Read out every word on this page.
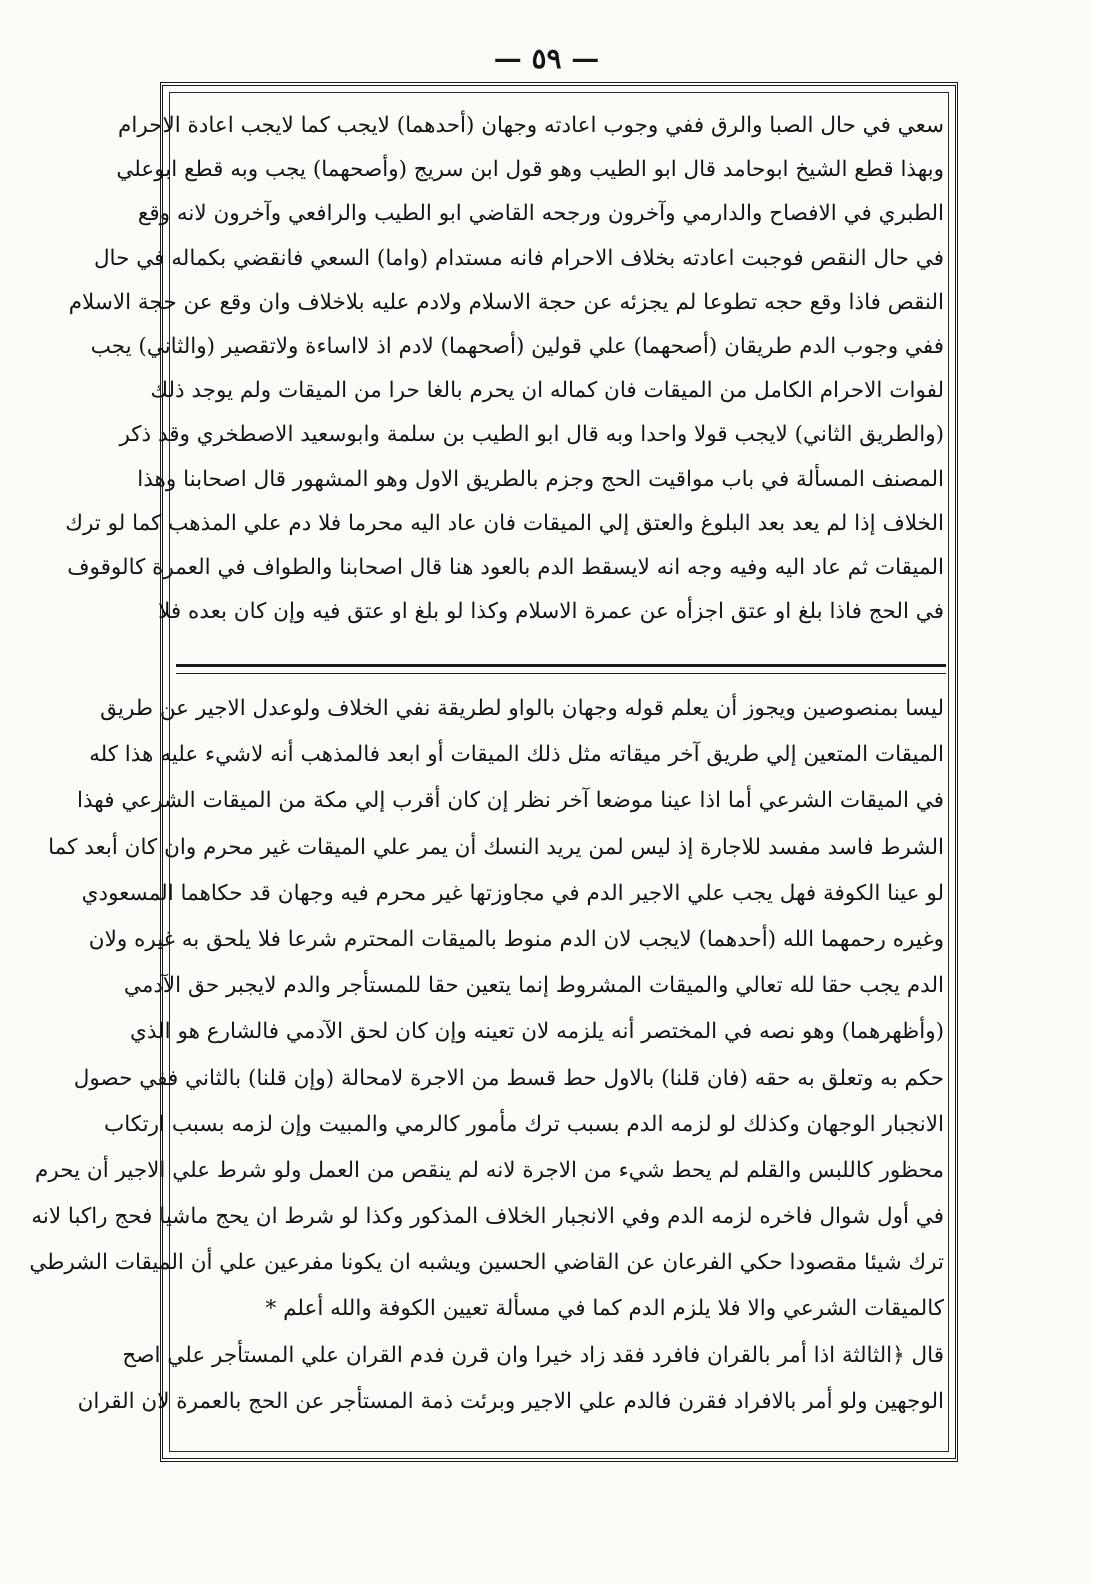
— ٥٩ —
سعي في حال الصبا والرق ففي وجوب اعادته وجهان (أحدهما) لايجب كما لايجب اعادة الاحرام
وبهذا قطع الشيخ ابوحامد قال ابو الطيب وهو قول ابن سريج (وأصحهما) يجب وبه قطع ابوعلي
الطبري في الافصاح والدارمي وآخرون ورجحه القاضي ابو الطيب والرافعي وآخرون لانه وقع
في حال النقص فوجبت اعادته بخلاف الاحرام فانه مستدام (واما) السعي فانقضي بكماله في حال
النقص فاذا وقع حجه تطوعا لم يجزئه عن حجة الاسلام ولادم عليه بلاخلاف وان وقع عن حجة الاسلام
ففي وجوب الدم طريقان (أصحهما) علي قولين (أصحهما) لادم اذ لااساءة ولاتقصير (والثاني) يجب
لفوات الاحرام الكامل من الميقات فان كماله ان يحرم بالغا حرا من الميقات ولم يوجد ذلك
(والطريق الثاني) لايجب قولا واحدا وبه قال ابو الطيب بن سلمة وابوسعيد الاصطخري وقد ذكر
المصنف المسألة في باب مواقيت الحج وجزم بالطريق الاول وهو المشهور قال اصحابنا وهذا
الخلاف إذا لم يعد بعد البلوغ والعتق إلي الميقات فان عاد اليه محرما فلا دم علي المذهب كما لو ترك
الميقات ثم عاد اليه وفيه وجه انه لايسقط الدم بالعود هنا قال اصحابنا والطواف في العمرة كالوقوف
في الحج فاذا بلغ او عتق اجزأه عن عمرة الاسلام وكذا لو بلغ او عتق فيه وإن كان بعده فلا
ليسا بمنصوصين ويجوز أن يعلم قوله وجهان بالواو لطريقة نفي الخلاف ولوعدل الاجير عن طريق
الميقات المتعين إلي طريق آخر ميقاته مثل ذلك الميقات أو ابعد فالمذهب أنه لاشيء عليه هذا كله
في الميقات الشرعي أما اذا عينا موضعا آخر نظر إن كان أقرب إلي مكة من الميقات الشرعي فهذا
الشرط فاسد مفسد للاجارة إذ ليس لمن يريد النسك أن يمر علي الميقات غير محرم وان كان أبعد كما
لو عينا الكوفة فهل يجب علي الاجير الدم في مجاوزتها غير محرم فيه وجهان قد حكاهما المسعودي
وغيره رحمهما الله (أحدهما) لايجب لان الدم منوط بالميقات المحترم شرعا فلا يلحق به غيره ولان
الدم يجب حقا لله تعالي والميقات المشروط إنما يتعين حقا للمستأجر والدم لايجبر حق الآدمي
(وأظهرهما) وهو نصه في المختصر أنه يلزمه لان تعينه وإن كان لحق الآدمي فالشارع هو الذي
حكم به وتعلق به حقه (فان قلنا) بالاول حط قسط من الاجرة لامحالة (وإن قلنا) بالثاني ففي حصول
الانجبار الوجهان وكذلك لو لزمه الدم بسبب ترك مأمور كالرمي والمبيت وإن لزمه بسبب ارتكاب
محظور كاللبس والقلم لم يحط شيء من الاجرة لانه لم ينقص من العمل ولو شرط علي الاجير أن يحرم
في أول شوال فاخره لزمه الدم وفي الانجبار الخلاف المذكور وكذا لو شرط ان يحج ماشيا فحج راكبا لانه
ترك شيئا مقصودا حكي الفرعان عن القاضي الحسين ويشبه ان يكونا مفرعين علي أن الميقات الشرطي
كالميقات الشرعي والا فلا يلزم الدم كما في مسألة تعيين الكوفة والله أعلم *
قال ﴿الثالثة اذا أمر بالقران فافرد فقد زاد خيرا وان قرن فدم القران علي المستأجر علي اصح
الوجهين ولو أمر بالافراد فقرن فالدم علي الاجير وبرئت ذمة المستأجر عن الحج بالعمرة لان القران
